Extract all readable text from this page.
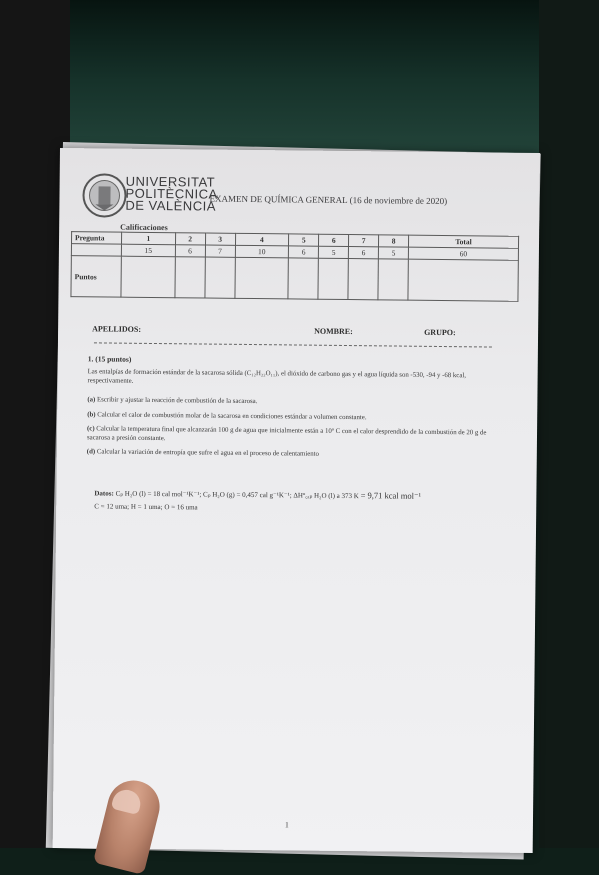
UNIVERSITAT
POLITÈCNICA
DE VALÈNCIA
EXAMEN DE QUÍMICA GENERAL (16 de noviembre de 2020)
Calificaciones
Pregunta	1	2	3	4	5	6	7	8	Total
	15	6	7	10	6	5	6	5	60
Puntos									
APELLIDOS:	NOMBRE:	GRUPO:
1. (15 puntos)
Las entalpías de formación estándar de la sacarosa sólida (C₁₂H₂₂O₁₁), el dióxido de carbono gas y el agua líquida son -530, -94 y -68 kcal, respectivamente.
(a) Escribir y ajustar la reacción de combustión de la sacarosa.
(b) Calcular el calor de combustión molar de la sacarosa en condiciones estándar a volumen constante.
(c) Calcular la temperatura final que alcanzarán 100 g de agua que inicialmente están a 10º C con el calor desprendido de la combustión de 20 g de sacarosa a presión constante.
(d) Calcular la variación de entropía que sufre el agua en el proceso de calentamiento
Datos: Cₚ H₂O (l) = 18 cal mol⁻¹K⁻¹; Cₚ H₂O (g) = 0,457 cal g⁻¹K⁻¹; ΔHº꜀ₐₚ H₂O (l) a 373 K = 9,71 kcal mol⁻¹
C = 12 uma; H = 1 uma; O = 16 uma
1
